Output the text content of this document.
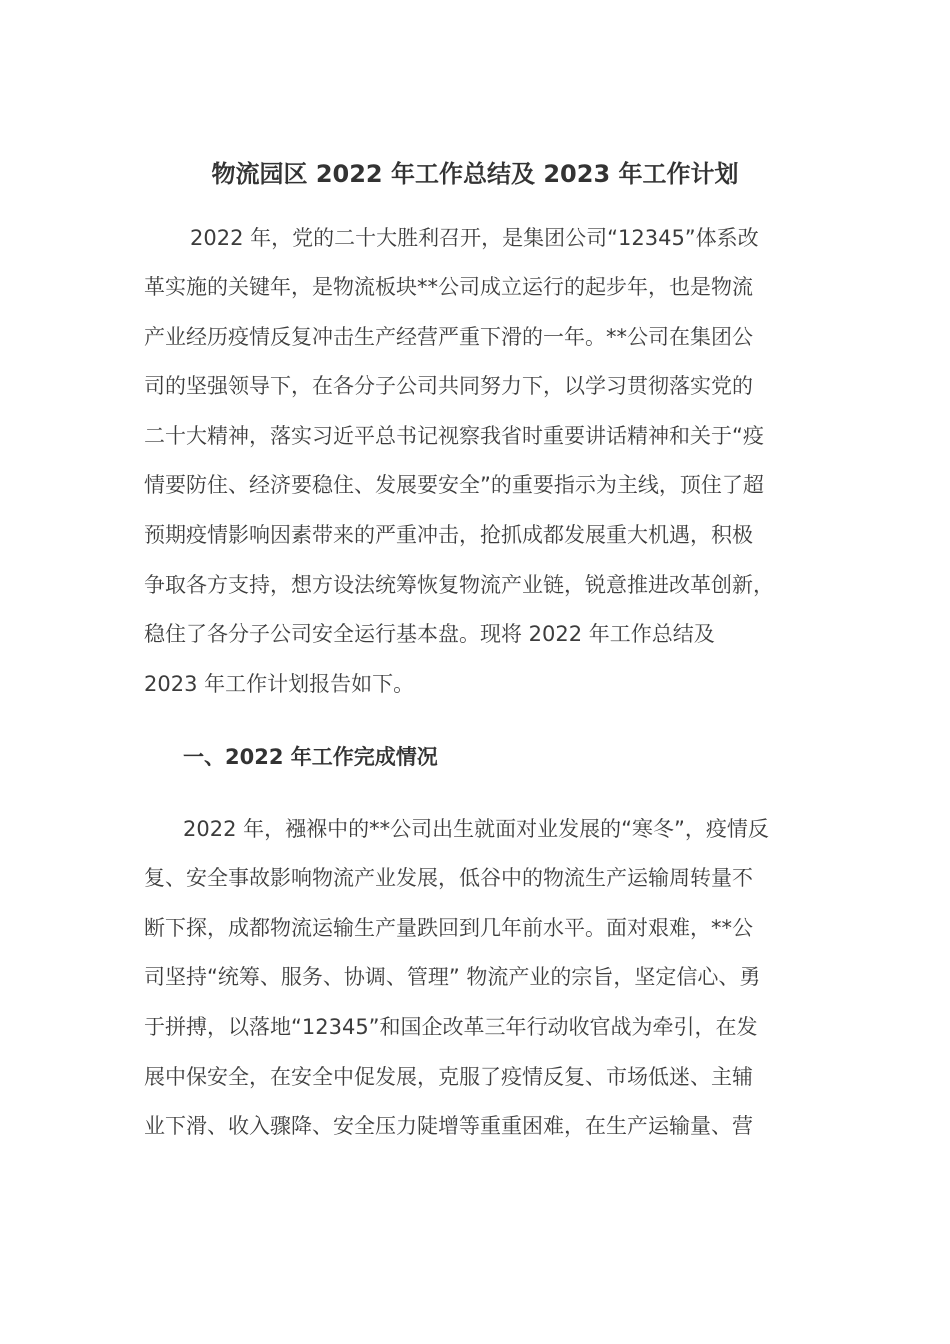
物流园区 2022 年工作总结及 2023 年工作计划
2022 年，党的二十大胜利召开，是集团公司“12345”体系改
革实施的关键年，是物流板块**公司成立运行的起步年，也是物流
产业经历疫情反复冲击生产经营严重下滑的一年。**公司在集团公
司的坚强领导下，在各分子公司共同努力下，以学习贯彻落实党的
二十大精神，落实习近平总书记视察我省时重要讲话精神和关于“疫
情要防住、经济要稳住、发展要安全”的重要指示为主线，顶住了超
预期疫情影响因素带来的严重冲击，抢抓成都发展重大机遇，积极
争取各方支持，想方设法统筹恢复物流产业链，锐意推进改革创新，
稳住了各分子公司安全运行基本盘。现将 2022 年工作总结及
2023 年工作计划报告如下。
一、2022 年工作完成情况
2022 年，襁褓中的**公司出生就面对业发展的“寒冬”，疫情反
复、安全事故影响物流产业发展，低谷中的物流生产运输周转量不
断下探，成都物流运输生产量跌回到几年前水平。面对艰难，**公
司坚持“统筹、服务、协调、管理” 物流产业的宗旨，坚定信心、勇
于拼搏，以落地“12345”和国企改革三年行动收官战为牵引，在发
展中保安全，在安全中促发展，克服了疫情反复、市场低迷、主辅
业下滑、收入骤降、安全压力陡增等重重困难，在生产运输量、营
